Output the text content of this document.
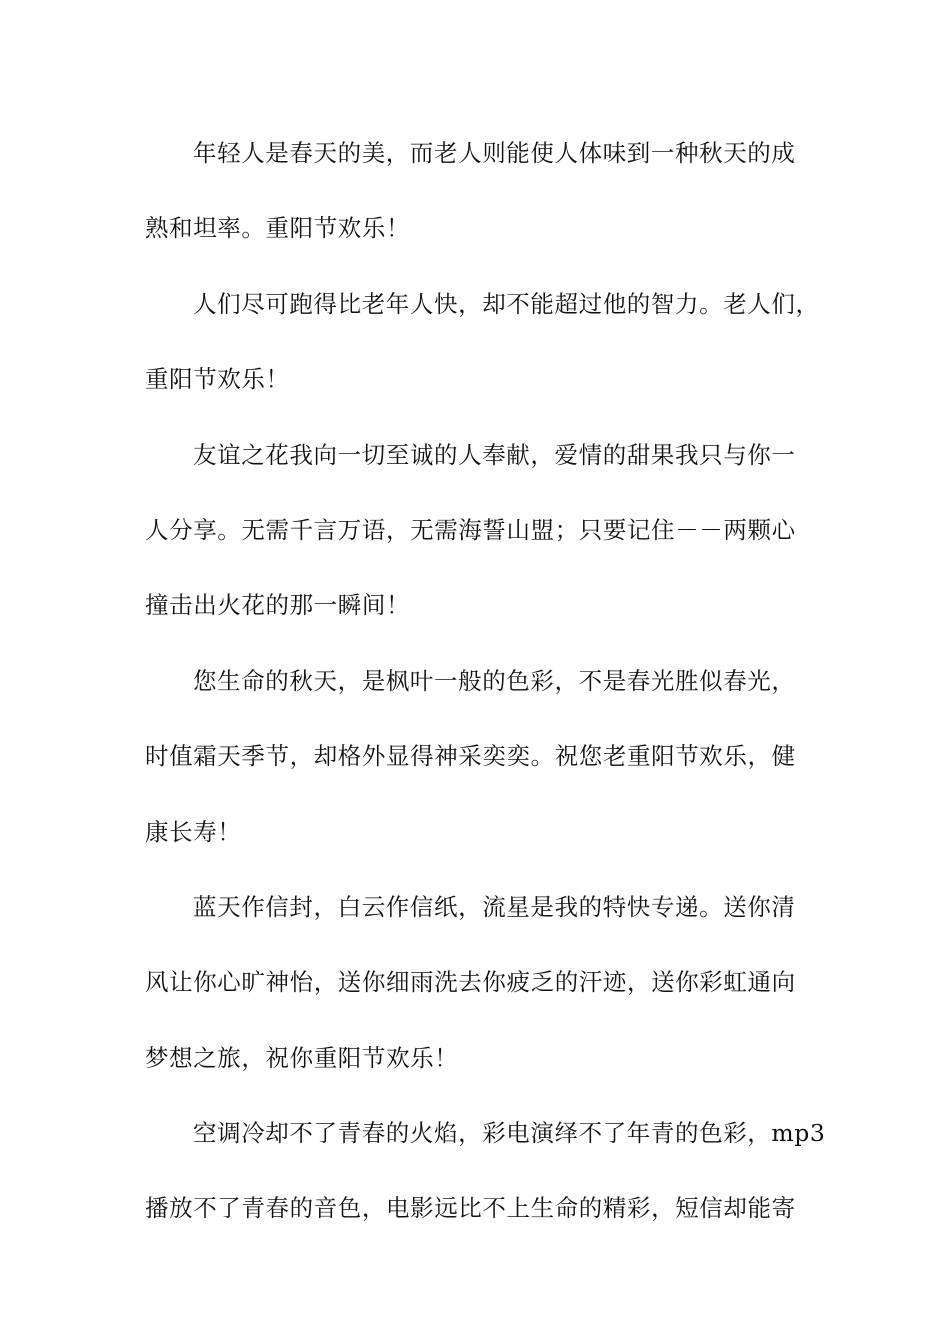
年轻人是春天的美，而老人则能使人体味到一种秋天的成
熟和坦率。重阳节欢乐！
人们尽可跑得比老年人快，却不能超过他的智力。老人们，
重阳节欢乐！
友谊之花我向一切至诚的人奉献，爱情的甜果我只与你一
人分享。无需千言万语，无需海誓山盟；只要记住－－两颗心
撞击出火花的那一瞬间！
您生命的秋天，是枫叶一般的色彩，不是春光胜似春光，
时值霜天季节，却格外显得神采奕奕。祝您老重阳节欢乐，健
康长寿！
蓝天作信封，白云作信纸，流星是我的特快专递。送你清
风让你心旷神怡，送你细雨洗去你疲乏的汗迹，送你彩虹通向
梦想之旅，祝你重阳节欢乐！
空调冷却不了青春的火焰，彩电演绎不了年青的色彩，mp3
播放不了青春的音色，电影远比不上生命的精彩，短信却能寄
